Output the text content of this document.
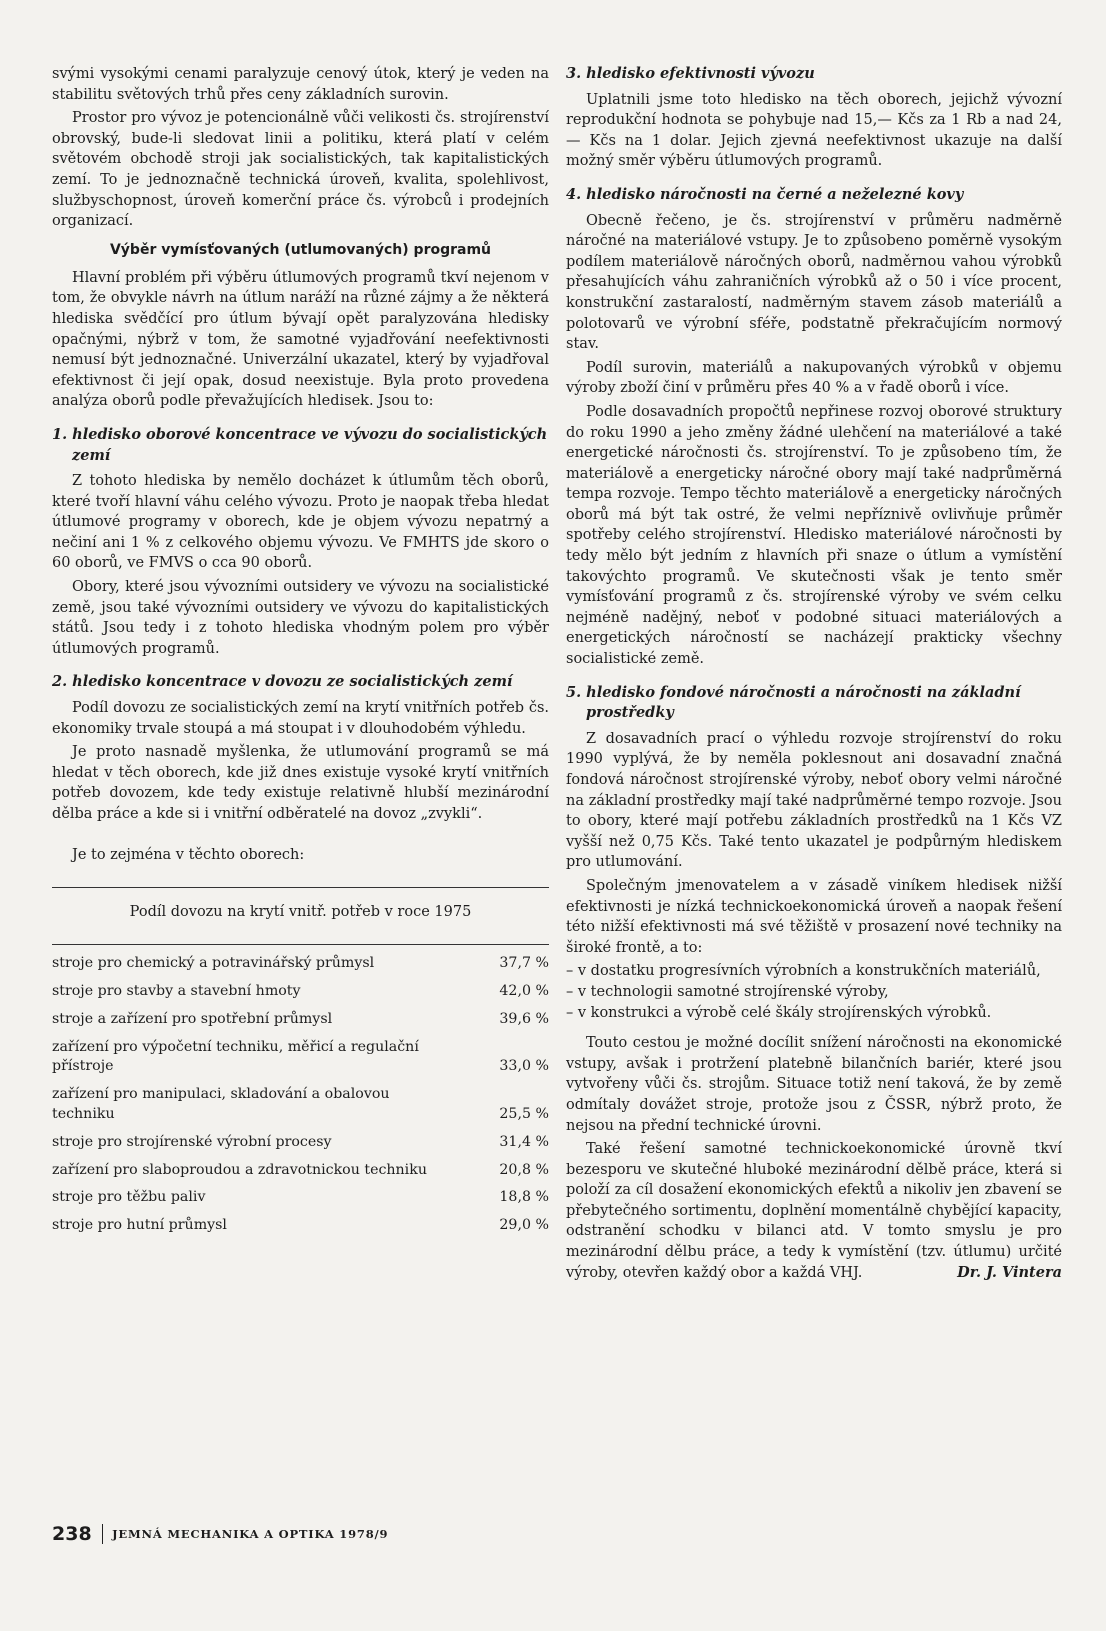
svými vysokými cenami paralyzuje cenový útok, který je veden na stabilitu světových trhů přes ceny základních surovin.

Prostor pro vývoz je potencionálně vůči velikosti čs. strojírenství obrovský, bude-li sledovat linii a politiku, která platí v celém světovém obchodě stroji jak socialistických, tak kapitalistických zemí. To je jednoznačně technická úroveň, kvalita, spolehlivost, službyschopnost, úroveň komerční práce čs. výrobců i prodejních organizací.

Výběr vymísťovaných (utlumovaných) programů

Hlavní problém při výběru útlumových programů tkví nejenom v tom, že obvykle návrh na útlum naráží na různé zájmy a že některá hlediska svědčící pro útlum bývají opět paralyzována hledisky opačnými, nýbrž v tom, že samotné vyjadřování neefektivnosti nemusí být jednoznačné. Univerzální ukazatel, který by vyjadřoval efektivnost či její opak, dosud neexistuje. Byla proto provedena analýza oborů podle převažujících hledisek. Jsou to:

1. hledisko oborové koncentrace ve vývozu do socialistických zemí

Z tohoto hlediska by nemělo docházet k útlumům těch oborů, které tvoří hlavní váhu celého vývozu. Proto je naopak třeba hledat útlumové programy v oborech, kde je objem vývozu nepatrný a nečiní ani 1 % z celkového objemu vývozu. Ve FMHTS jde skoro o 60 oborů, ve FMVS o cca 90 oborů.

Obory, které jsou vývozními outsidery ve vývozu na socialistické země, jsou také vývozními outsidery ve vývozu do kapitalistických států. Jsou tedy i z tohoto hlediska vhodným polem pro výběr útlumových programů.

2. hledisko koncentrace v dovozu ze socialistických zemí

Podíl dovozu ze socialistických zemí na krytí vnitřních potřeb čs. ekonomiky trvale stoupá a má stoupat i v dlouhodobém výhledu.

Je proto nasnadě myšlenka, že utlumování programů se má hledat v těch oborech, kde již dnes existuje vysoké krytí vnitřních potřeb dovozem, kde tedy existuje relativně hlubší mezinárodní dělba práce a kde si i vnitřní odběratelé na dovoz „zvykli“.

Je to zejména v těchto oborech:

Podíl dovozu na krytí vnitř. potřeb v roce 1975
stroje pro chemický a potravinářský průmysl	37,7 %
stroje pro stavby a stavební hmoty	42,0 %
stroje a zařízení pro spotřební průmysl	39,6 %
zařízení pro výpočetní techniku, měřicí a regulační přístroje	33,0 %
zařízení pro manipulaci, skladování a obalovou techniku	25,5 %
stroje pro strojírenské výrobní procesy	31,4 %
zařízení pro slaboproudou a zdravotnickou techniku	20,8 %
stroje pro těžbu paliv	18,8 %
stroje pro hutní průmysl	29,0 %
3. hledisko efektivnosti vývozu

Uplatnili jsme toto hledisko na těch oborech, jejichž vývozní reprodukční hodnota se pohybuje nad 15,— Kčs za 1 Rb a nad 24,— Kčs na 1 dolar. Jejich zjevná neefektivnost ukazuje na další možný směr výběru útlumových programů.

4. hledisko náročnosti na černé a neželezné kovy

Obecně řečeno, je čs. strojírenství v průměru nadměrně náročné na materiálové vstupy. Je to způsobeno poměrně vysokým podílem materiálově náročných oborů, nadměrnou vahou výrobků přesahujících váhu zahraničních výrobků až o 50 i více procent, konstrukční zastaralostí, nadměrným stavem zásob materiálů a polotovarů ve výrobní sféře, podstatně překračujícím normový stav.

Podíl surovin, materiálů a nakupovaných výrobků v objemu výroby zboží činí v průměru přes 40 % a v řadě oborů i více.

Podle dosavadních propočtů nepřinese rozvoj oborové struktury do roku 1990 a jeho změny žádné ulehčení na materiálové a také energetické náročnosti čs. strojírenství. To je způsobeno tím, že materiálově a energeticky náročné obory mají také nadprůměrná tempa rozvoje. Tempo těchto materiálově a energeticky náročných oborů má být tak ostré, že velmi nepříznivě ovlivňuje průměr spotřeby celého strojírenství. Hledisko materiálové náročnosti by tedy mělo být jedním z hlavních při snaze o útlum a vymístění takovýchto programů. Ve skutečnosti však je tento směr vymísťování programů z čs. strojírenské výroby ve svém celku nejméně nadějný, neboť v podobné situaci materiálových a energetických náročností se nacházejí prakticky všechny socialistické země.

5. hledisko fondové náročnosti a náročnosti na základní prostředky

Z dosavadních prací o výhledu rozvoje strojírenství do roku 1990 vyplývá, že by neměla poklesnout ani dosavadní značná fondová náročnost strojírenské výroby, neboť obory velmi náročné na základní prostředky mají také nadprůměrné tempo rozvoje. Jsou to obory, které mají potřebu základních prostředků na 1 Kčs VZ vyšší než 0,75 Kčs. Také tento ukazatel je podpůrným hlediskem pro utlumování.

Společným jmenovatelem a v zásadě viníkem hledisek nižší efektivnosti je nízká technickoekonomická úroveň a naopak řešení této nižší efektivnosti má své těžiště v prosazení nové techniky na široké frontě, a to:

– v dostatku progresívních výrobních a konstrukčních materiálů,
– v technologii samotné strojírenské výroby,
– v konstrukci a výrobě celé škály strojírenských výrobků.

Touto cestou je možné docílit snížení náročnosti na ekonomické vstupy, avšak i protržení platebně bilančních bariér, které jsou vytvořeny vůči čs. strojům. Situace totiž není taková, že by země odmítaly dovážet stroje, protože jsou z ČSSR, nýbrž proto, že nejsou na přední technické úrovni.

Také řešení samotné technickoekonomické úrovně tkví bezesporu ve skutečné hluboké mezinárodní dělbě práce, která si položí za cíl dosažení ekonomických efektů a nikoliv jen zbavení se přebytečného sortimentu, doplnění momentálně chybějící kapacity, odstranění schodku v bilanci atd. V tomto smyslu je pro mezinárodní dělbu práce, a tedy k vymístění (tzv. útlumu) určité výroby, otevřen každý obor a každá VHJ.	Dr. J. Vintera
238 JEMNÁ MECHANIKA A OPTIKA 1978/9
